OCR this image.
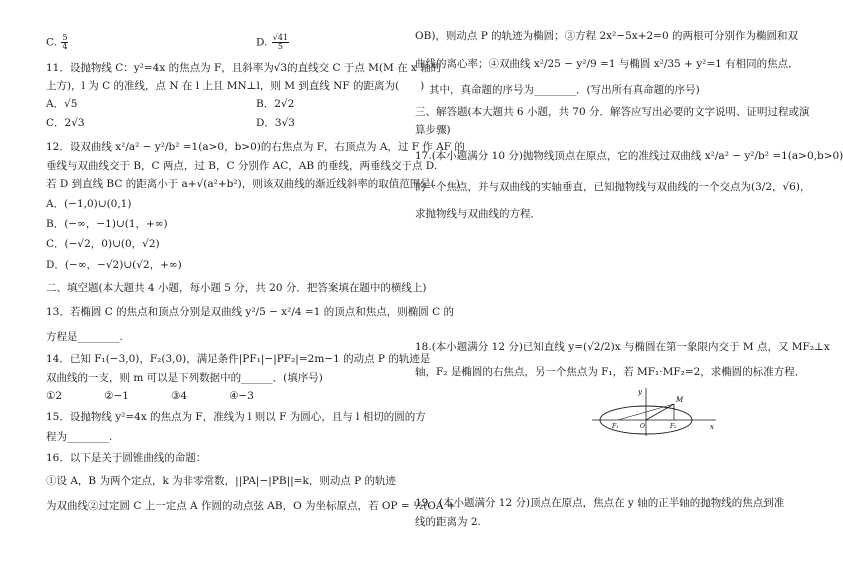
C. $\frac{5}{4}$	D. $\frac{√41}{5}$
11．设抛物线 C：y²=4x 的焦点为 F，且斜率为√3的直线交 C 于点 M(M 在 x 轴的
上方)，l 为 C 的准线，点 N 在 l 上且 MN⊥l，则 M 到直线 NF 的距离为(　　)
A．√5	B．2√2
C．2√3	D．3√3
12．设双曲线 x²/a² − y²/b² =1(a>0，b>0)的右焦点为 F，右顶点为 A，过 F 作 AF 的
垂线与双曲线交于 B，C 两点，过 B，C 分别作 AC，AB 的垂线，两垂线交于点 D.
若 D 到直线 BC 的距离小于 a+√(a²+b²)，则该双曲线的渐近线斜率的取值范围是(　　)
A．(−1,0)∪(0,1)
B．(−∞，−1)∪(1，+∞)
C．(−√2，0)∪(0，√2)
D．(−∞，−√2)∪(√2，+∞)
二、填空题(本大题共 4 小题，每小题 5 分，共 20 分．把答案填在题中的横线上)
13．若椭圆 C 的焦点和顶点分别是双曲线 y²/5 − x²/4 =1 的顶点和焦点，则椭圆 C 的
方程是________.
14．已知 F₁(−3,0)，F₂(3,0)，满足条件|PF₁|−|PF₂|=2m−1 的动点 P 的轨迹是
双曲线的一支，则 m 可以是下列数据中的______．(填序号)
①2　　　　②−1　　　　③4　　　　④−3
15．设抛物线 y²=4x 的焦点为 F，准线为 l 则以 F 为圆心，且与 l 相切的圆的方
程为________.
16．以下是关于圆锥曲线的命题：
①设 A，B 为两个定点，k 为非零常数，||PA|−|PB||=k，则动点 P 的轨迹
为双曲线②过定圆 C 上一定点 A 作圆的动点弦 AB，O 为坐标原点，若 OP = ½(OA +
OB)，则动点 P 的轨迹为椭圆；③方程 2x²−5x+2=0 的两根可分别作为椭圆和双
曲线的离心率；④双曲线 x²/25 − y²/9 =1 与椭圆 x²/35 + y²=1 有相同的焦点．
其中，真命题的序号为________．(写出所有真命题的序号)
三、解答题(本大题共 6 小题，共 70 分．解答应写出必要的文字说明、证明过程或演
算步骤)
17.(本小题满分 10 分)抛物线顶点在原点，它的准线过双曲线 x²/a² − y²/b² =1(a>0,b>0)
的一个焦点，并与双曲线的实轴垂直，已知抛物线与双曲线的一个交点为(3/2，√6)，
求抛物线与双曲线的方程．
18.(本小题满分 12 分)已知直线 y=(√2/2)x 与椭圆在第一象限内交于 M 点，又 MF₂⊥x
轴，F₂ 是椭圆的右焦点，另一个焦点为 F₁，若 MF₁·MF₂=2，求椭圆的标准方程．
19．(本小题满分 12 分)顶点在原点，焦点在 y 轴的正半轴的抛物线的焦点到准
线的距离为 2.
y
x
M
F₁	O	F₂
